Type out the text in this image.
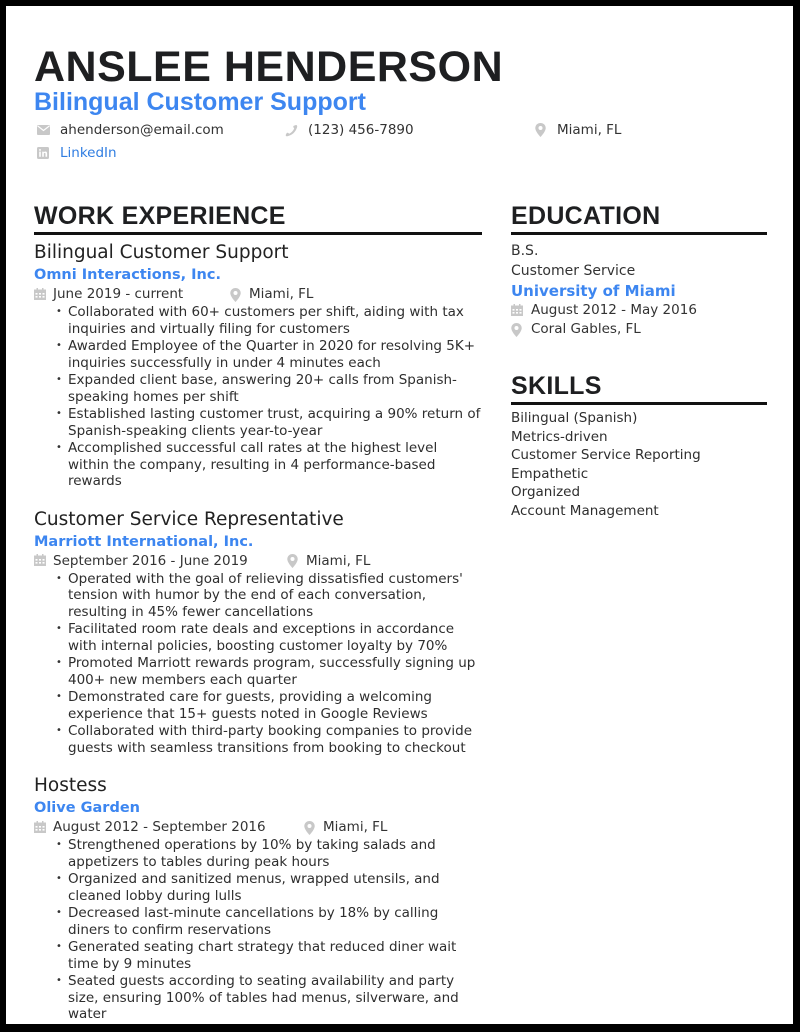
ANSLEE HENDERSON
Bilingual Customer Support
ahenderson@email.com	(123) 456-7890	Miami, FL
LinkedIn
WORK EXPERIENCE
Bilingual Customer Support
Omni Interactions, Inc.
June 2019 - current	Miami, FL
• Collaborated with 60+ customers per shift, aiding with tax inquiries and virtually filing for customers
• Awarded Employee of the Quarter in 2020 for resolving 5K+ inquiries successfully in under 4 minutes each
• Expanded client base, answering 20+ calls from Spanish-speaking homes per shift
• Established lasting customer trust, acquiring a 90% return of Spanish-speaking clients year-to-year
• Accomplished successful call rates at the highest level within the company, resulting in 4 performance-based rewards
Customer Service Representative
Marriott International, Inc.
September 2016 - June 2019	Miami, FL
• Operated with the goal of relieving dissatisfied customers' tension with humor by the end of each conversation, resulting in 45% fewer cancellations
• Facilitated room rate deals and exceptions in accordance with internal policies, boosting customer loyalty by 70%
• Promoted Marriott rewards program, successfully signing up 400+ new members each quarter
• Demonstrated care for guests, providing a welcoming experience that 15+ guests noted in Google Reviews
• Collaborated with third-party booking companies to provide guests with seamless transitions from booking to checkout
Hostess
Olive Garden
August 2012 - September 2016	Miami, FL
• Strengthened operations by 10% by taking salads and appetizers to tables during peak hours
• Organized and sanitized menus, wrapped utensils, and cleaned lobby during lulls
• Decreased last-minute cancellations by 18% by calling diners to confirm reservations
• Generated seating chart strategy that reduced diner wait time by 9 minutes
• Seated guests according to seating availability and party size, ensuring 100% of tables had menus, silverware, and water
EDUCATION
B.S.
Customer Service
University of Miami
August 2012 - May 2016
Coral Gables, FL
SKILLS
Bilingual (Spanish)
Metrics-driven
Customer Service Reporting
Empathetic
Organized
Account Management
